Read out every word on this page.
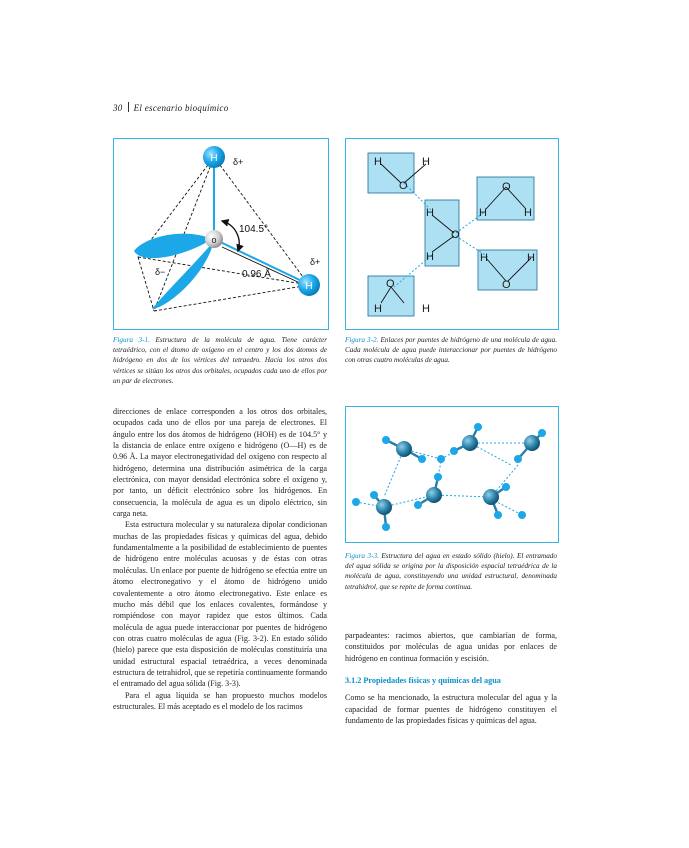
30 El escenario bioquímico
H
H
o
δ+
δ+
δ−
104.5°
0.96 Å
Figura 3-1. Estructura de la molécula de agua. Tiene carácter tetraédrico, con el átomo de oxígeno en el centro y los dos átomos de hidrógeno en dos de los vértices del tetraedro. Hacia los otros dos vértices se sitúan los otros dos orbitales, ocupados cada uno de ellos por un par de electrones.
H	H
O
H
O
H
O
H	H
H	H
O
O
H	H
Figura 3-2. Enlaces por puentes de hidrógeno de una molécula de agua. Cada molécula de agua puede interaccionar por puentes de hidrógeno con otras cuatro moléculas de agua.
Figura 3-3. Estructura del agua en estado sólido (hielo). El entramado del agua sólida se origina por la disposición espacial tetraédrica de la molécula de agua, constituyendo una unidad estructural, denominada tetrahidrol, que se repite de forma continua.

direcciones de enlace corresponden a los otros dos orbitales, ocupados cada uno de ellos por una pareja de electrones. El ángulo entre los dos átomos de hidrógeno (HOH) es de 104.5° y la distancia de enlace entre oxígeno e hidrógeno (O—H) es de 0.96 Å. La mayor electronegatividad del oxígeno con respecto al hidrógeno, determina una distribución asimétrica de la carga electrónica, con mayor densidad electrónica sobre el oxígeno y, por tanto, un déficit electrónico sobre los hidrógenos. En consecuencia, la molécula de agua es un dipolo eléctrico, sin carga neta.

Esta estructura molecular y su naturaleza dipolar condicionan muchas de las propiedades físicas y químicas del agua, debido fundamentalmente a la posibilidad de establecimiento de puentes de hidrógeno entre moléculas acuosas y de éstas con otras moléculas. Un enlace por puente de hidrógeno se efectúa entre un átomo electronegativo y el átomo de hidrógeno unido covalentemente a otro átomo electronegativo. Este enlace es mucho más débil que los enlaces covalentes, formándose y rompiéndose con mayor rapidez que estos últimos. Cada molécula de agua puede interaccionar por puentes de hidrógeno con otras cuatro moléculas de agua (Fig. 3-2). En estado sólido (hielo) parece que esta disposición de moléculas constituiría una unidad estructural espacial tetraédrica, a veces denominada estructura de tetrahidrol, que se repetiría continuamente formando el entramado del agua sólida (Fig. 3-3).

Para el agua líquida se han propuesto muchos modelos estructurales. El más aceptado es el modelo de los racimos

parpadeantes: racimos abiertos, que cambiarían de forma, constituidos por moléculas de agua unidas por enlaces de hidrógeno en continua formación y escisión.

3.1.2 Propiedades físicas y químicas del agua

Como se ha mencionado, la estructura molecular del agua y la capacidad de formar puentes de hidrógeno constituyen el fundamento de las propiedades físicas y químicas del agua.
